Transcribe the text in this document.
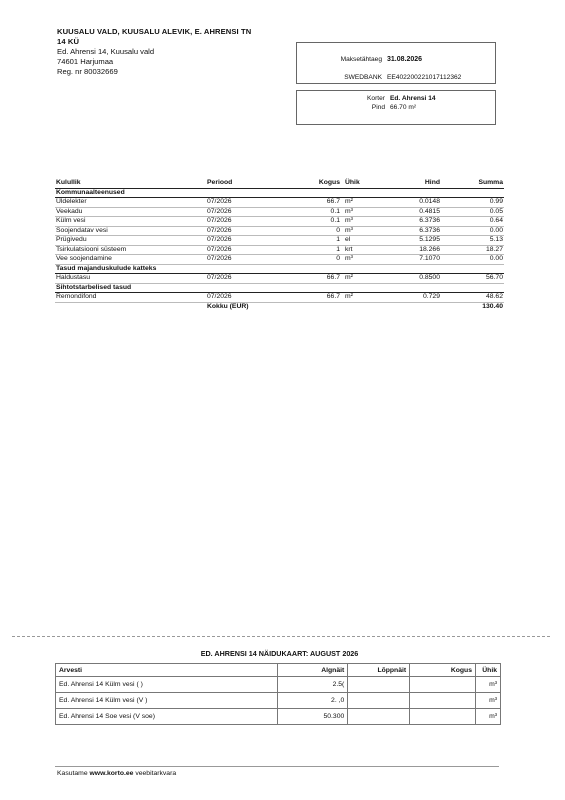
KUUSALU VALD, KUUSALU ALEVIK, E. AHRENSI TN
14 KÜ
Ed. Ahrensi 14, Kuusalu vald
74601 Harjumaa
Reg. nr 80032669
Maksetähtaeg 31.08.2026
SWEDBANK EE402200221017112362
Korter Ed. Ahrensi 14
Pind 66.70 m²
Kulullik	Periood	Kogus	Ühik	Hind	Summa
Kommunaalteenused					
Üldelekter	07/2026	66.7	m²	0.0148	0.99
Veekadu	07/2026	0.1	m³	0.4815	0.05
Külm vesi	07/2026	0.1	m³	6.3736	0.64
Soojendatav vesi	07/2026	0	m³	6.3736	0.00
Prügivedu	07/2026	1	el	5.1295	5.13
Tsirkulatsiooni süsteem	07/2026	1	krt	18.266	18.27
Vee soojendamine	07/2026	0	m³	7.1070	0.00
Tasud majanduskulude katteks					
Haldustasu	07/2026	66.7	m²	0.8500	56.70
Sihtotstarbelised tasud					
Remondifond	07/2026	66.7	m²	0.729	48.62
	Kokku (EUR)				130.40
ED. AHRENSI 14 NÄIDUKAART: AUGUST 2026
Arvesti	Algnäit	Lõppnäit	Kogus	Ühik
Ed. Ahrensi 14 Külm vesi ( )	2.5(			m³
Ed. Ahrensi 14 Külm vesi (V )	2. ,0			m³
Ed. Ahrensi 14 Soe vesi (V soe)	50.300			m³
Kasutame www.korto.ee veebitarkvara
